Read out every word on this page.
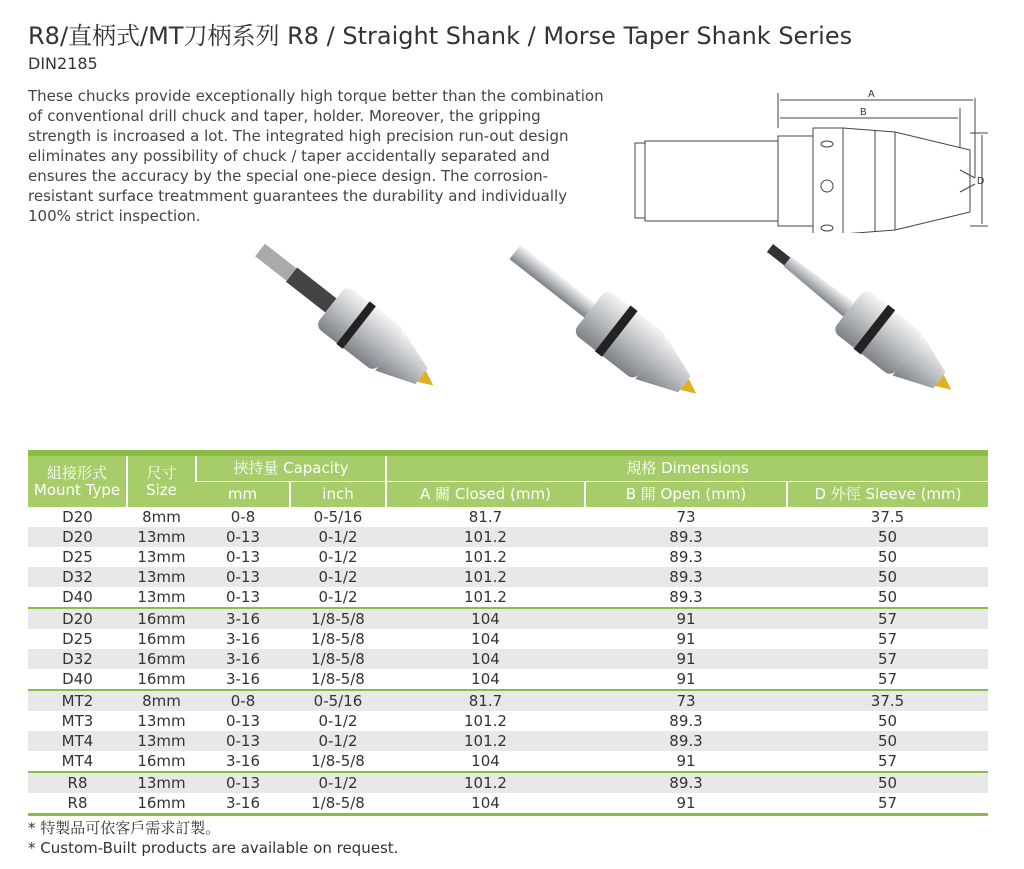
R8/直柄式/MT刀柄系列 R8 / Straight Shank / Morse Taper Shank Series
DIN2185
These chucks provide exceptionally high torque better than the combination of conventional drill chuck and taper, holder. Moreover, the gripping strength is incroased a lot. The integrated high precision run-out design eliminates any possibility of chuck / taper accidentally separated and ensures the accuracy by the special one-piece design. The corrosion-resistant surface treatmment guarantees the durability and individually 100% strict inspection.
A
B
D
組接形式
Mount Type	尺寸
Size	挾持量 Capacity		規格 Dimensions		
		mm	inch	A 關 Closed (mm)	B 開 Open (mm)	D 外徑 Sleeve (mm)
D20	8mm	0-8	0-5/16	81.7	73	37.5
D20	13mm	0-13	0-1/2	101.2	89.3	50
D25	13mm	0-13	0-1/2	101.2	89.3	50
D32	13mm	0-13	0-1/2	101.2	89.3	50
D40	13mm	0-13	0-1/2	101.2	89.3	50
D20	16mm	3-16	1/8-5/8	104	91	57
D25	16mm	3-16	1/8-5/8	104	91	57
D32	16mm	3-16	1/8-5/8	104	91	57
D40	16mm	3-16	1/8-5/8	104	91	57
MT2	8mm	0-8	0-5/16	81.7	73	37.5
MT3	13mm	0-13	0-1/2	101.2	89.3	50
MT4	13mm	0-13	0-1/2	101.2	89.3	50
MT4	16mm	3-16	1/8-5/8	104	91	57
R8	13mm	0-13	0-1/2	101.2	89.3	50
R8	16mm	3-16	1/8-5/8	104	91	57
* 特製品可依客戶需求訂製。
* Custom-Built products are available on request.
